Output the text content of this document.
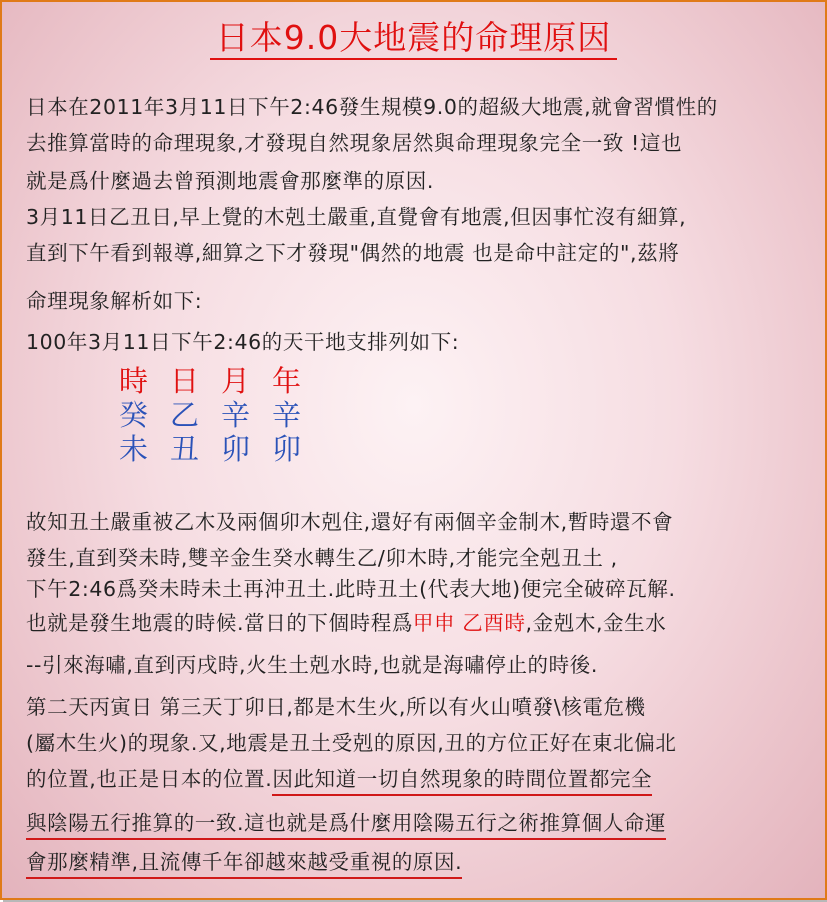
日本9.0大地震的命理原因
日本在2011年3月11日下午2:46發生規模9.0的超級大地震,就會習慣性的
去推算當時的命理現象,才發現自然現象居然與命理現象完全一致 !這也
就是爲什麼過去曾預測地震會那麼準的原因.
3月11日乙丑日,早上覺的木剋土嚴重,直覺會有地震,但因事忙沒有細算,
直到下午看到報導,細算之下才發現"偶然的地震 也是命中註定的",茲將
命理現象解析如下:
100年3月11日下午2:46的天干地支排列如下:
時 日 月 年
癸 乙 辛 辛
未 丑 卯 卯
故知丑土嚴重被乙木及兩個卯木剋住,還好有兩個辛金制木,暫時還不會
發生,直到癸未時,雙辛金生癸水轉生乙/卯木時,才能完全剋丑土 ,
下午2:46爲癸未時未土再沖丑土.此時丑土(代表大地)便完全破碎瓦解.
也就是發生地震的時候.當日的下個時程爲甲申 乙酉時,金剋木,金生水
--引來海嘯,直到丙戌時,火生土剋水時,也就是海嘯停止的時後.
第二天丙寅日 第三天丁卯日,都是木生火,所以有火山噴發\核電危機
(屬木生火)的現象.又,地震是丑土受剋的原因,丑的方位正好在東北偏北
的位置,也正是日本的位置.因此知道一切自然現象的時間位置都完全
與陰陽五行推算的一致.這也就是爲什麼用陰陽五行之術推算個人命運
會那麼精準,且流傳千年卻越來越受重視的原因.
